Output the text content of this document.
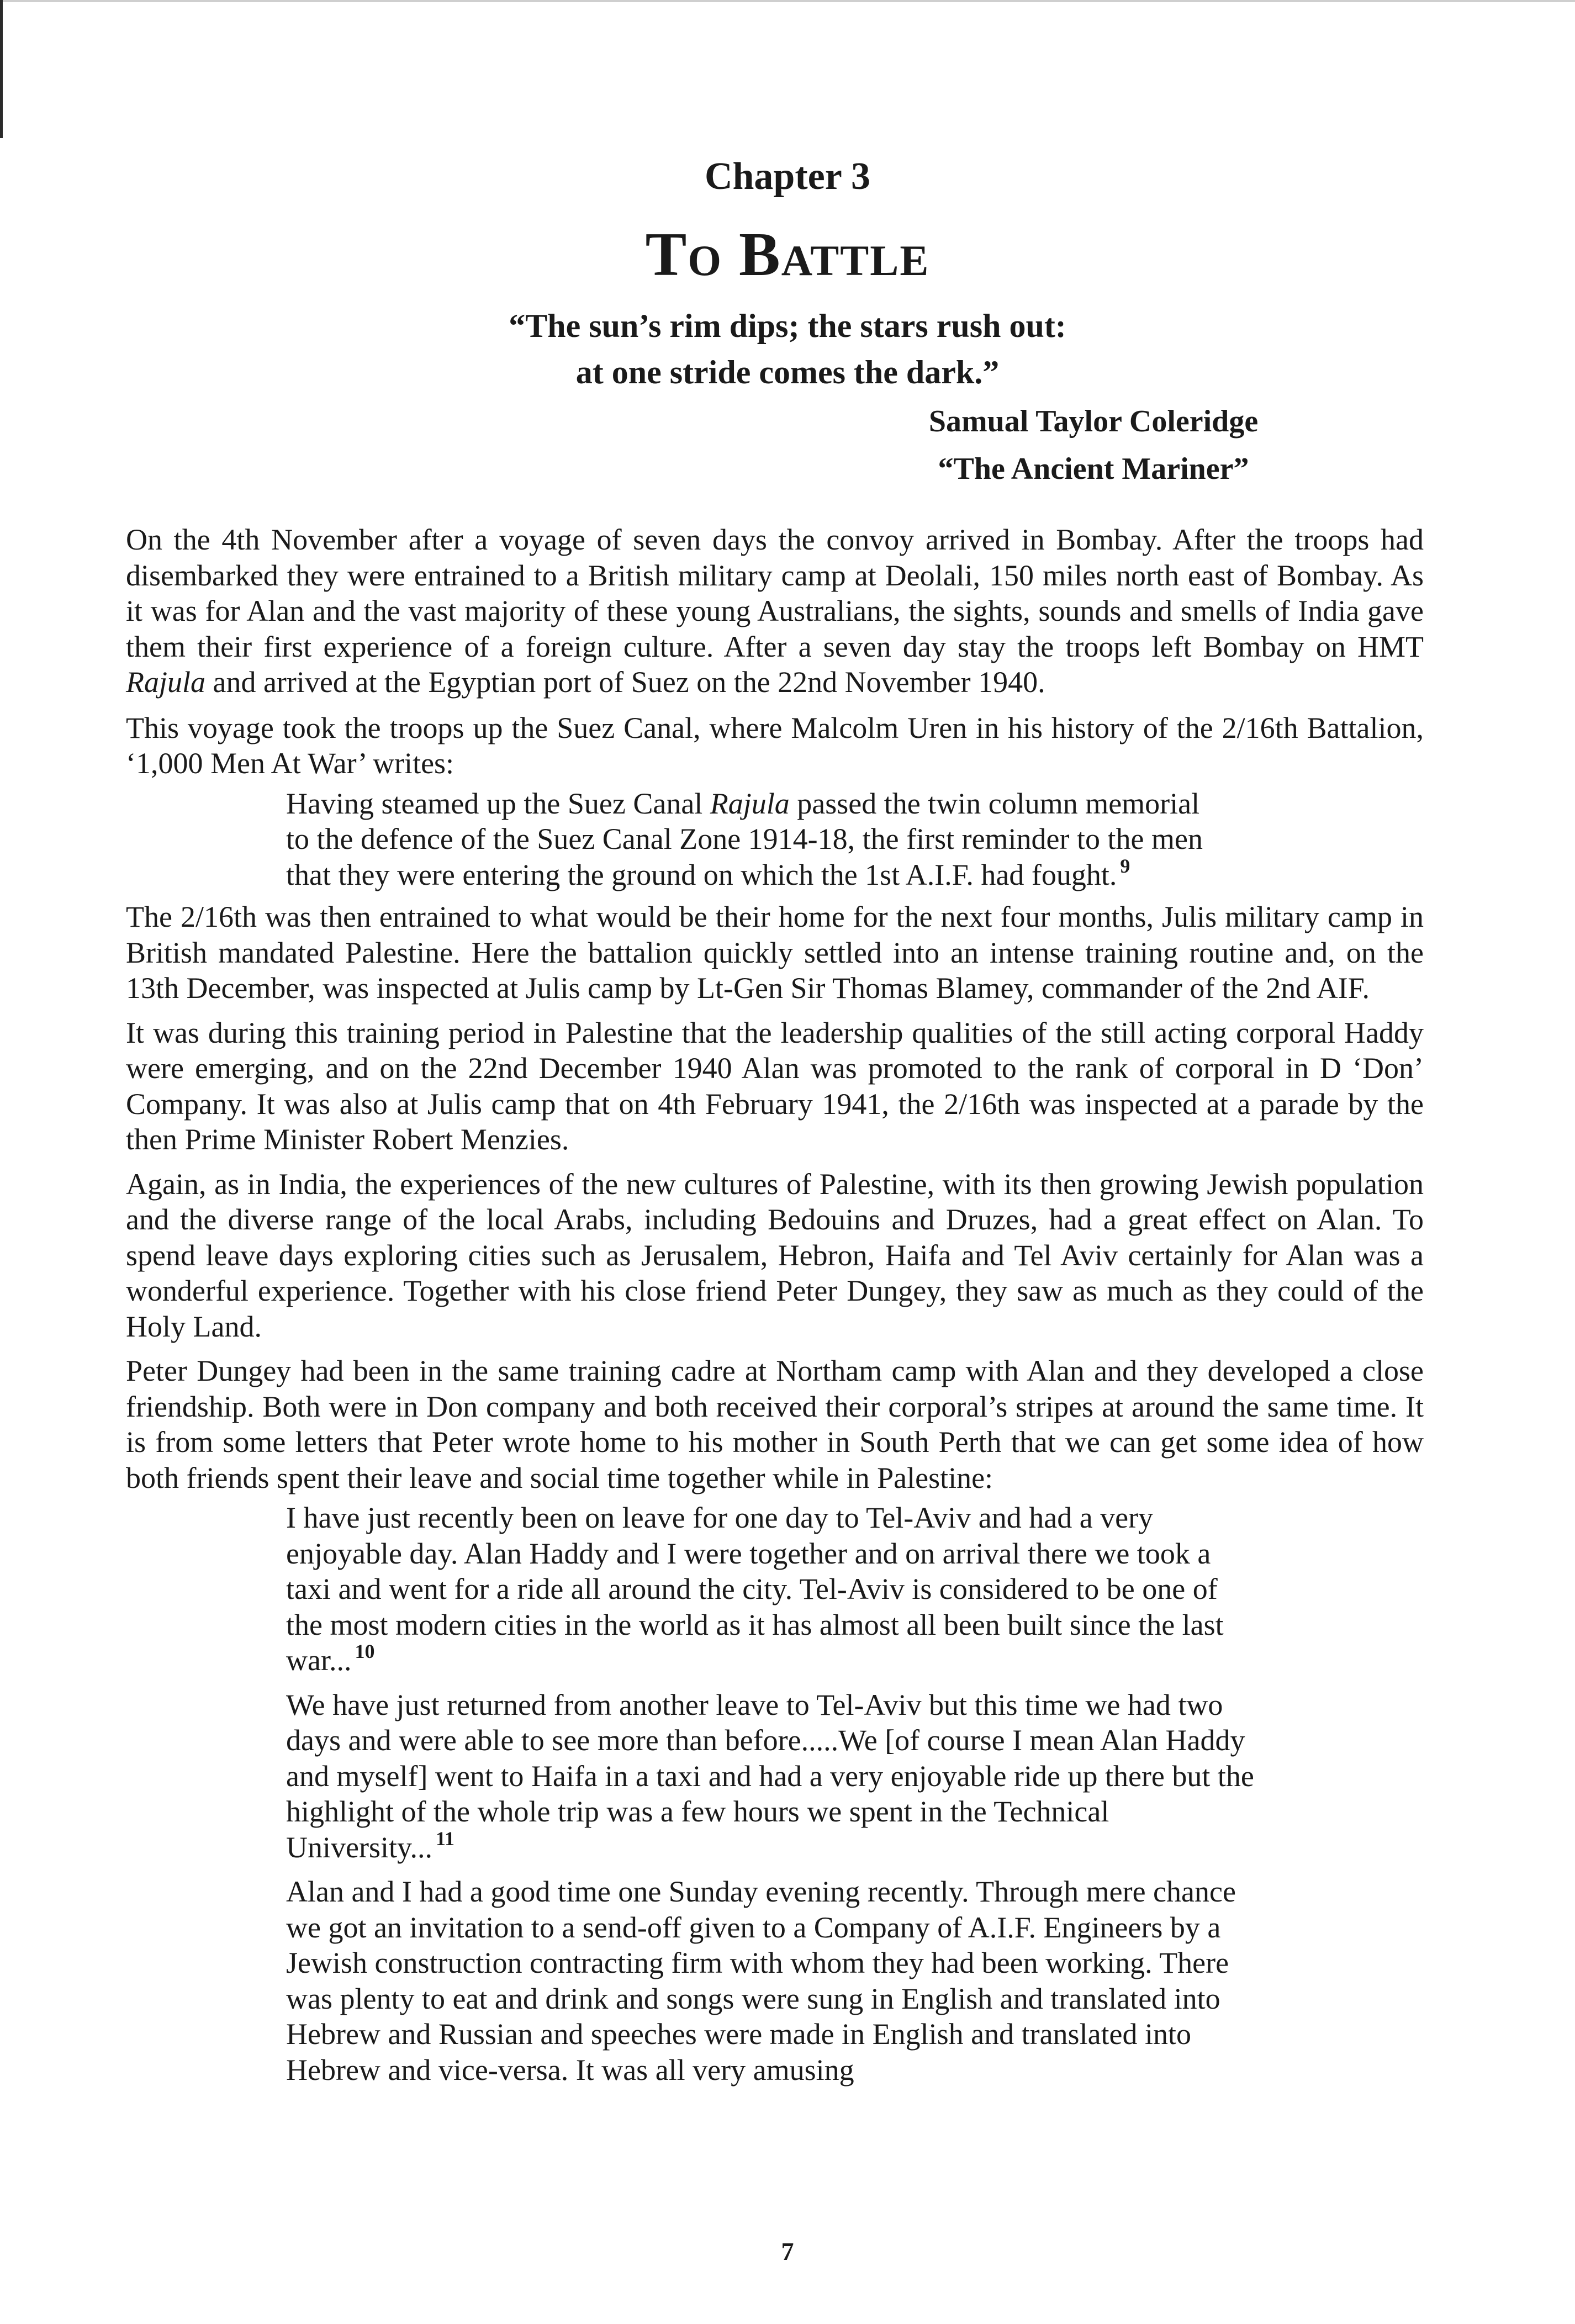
Chapter 3
To Battle
“The sun’s rim dips; the stars rush out:
at one stride comes the dark.”
Samual Taylor Coleridge
“The Ancient Mariner”

On the 4th November after a voyage of seven days the convoy arrived in Bombay. After the troops had disembarked they were entrained to a British military camp at Deolali, 150 miles north east of Bombay. As it was for Alan and the vast majority of these young Australians, the sights, sounds and smells of India gave them their first experience of a foreign culture. After a seven day stay the troops left Bombay on HMT Rajula and arrived at the Egyptian port of Suez on the 22nd November 1940.

This voyage took the troops up the Suez Canal, where Malcolm Uren in his history of the 2/16th Battalion, ‘1,000 Men At War’ writes:

Having steamed up the Suez Canal Rajula passed the twin column memorial
to the defence of the Suez Canal Zone 1914-18, the first reminder to the men
that they were entering the ground on which the 1st A.I.F. had fought. $^9$

The 2/16th was then entrained to what would be their home for the next four months, Julis military camp in British mandated Palestine. Here the battalion quickly settled into an intense training routine and, on the 13th December, was inspected at Julis camp by Lt-Gen Sir Thomas Blamey, commander of the 2nd AIF.

It was during this training period in Palestine that the leadership qualities of the still acting corporal Haddy were emerging, and on the 22nd December 1940 Alan was promoted to the rank of corporal in D ‘Don’ Company. It was also at Julis camp that on 4th February 1941, the 2/16th was inspected at a parade by the then Prime Minister Robert Menzies.

Again, as in India, the experiences of the new cultures of Palestine, with its then growing Jewish population and the diverse range of the local Arabs, including Bedouins and Druzes, had a great effect on Alan. To spend leave days exploring cities such as Jerusalem, Hebron, Haifa and Tel Aviv certainly for Alan was a wonderful experience. Together with his close friend Peter Dungey, they saw as much as they could of the Holy Land.

Peter Dungey had been in the same training cadre at Northam camp with Alan and they developed a close friendship. Both were in Don company and both received their corporal’s stripes at around the same time. It is from some letters that Peter wrote home to his mother in South Perth that we can get some idea of how both friends spent their leave and social time together while in Palestine:

I have just recently been on leave for one day to Tel-Aviv and had a very enjoyable day. Alan Haddy and I were together and on arrival there we took a taxi and went for a ride all around the city. Tel-Aviv is considered to be one of the most modern cities in the world as it has almost all been built since the last war... $^{10}$

We have just returned from another leave to Tel-Aviv but this time we had two days and were able to see more than before.....We [of course I mean Alan Haddy and myself] went to Haifa in a taxi and had a very enjoyable ride up there but the highlight of the whole trip was a few hours we spent in the Technical University... $^{11}$

Alan and I had a good time one Sunday evening recently. Through mere chance we got an invitation to a send-off given to a Company of A.I.F. Engineers by a Jewish construction contracting firm with whom they had been working. There was plenty to eat and drink and songs were sung in English and translated into Hebrew and Russian and speeches were made in English and translated into Hebrew and vice-versa. It was all very amusing

7
